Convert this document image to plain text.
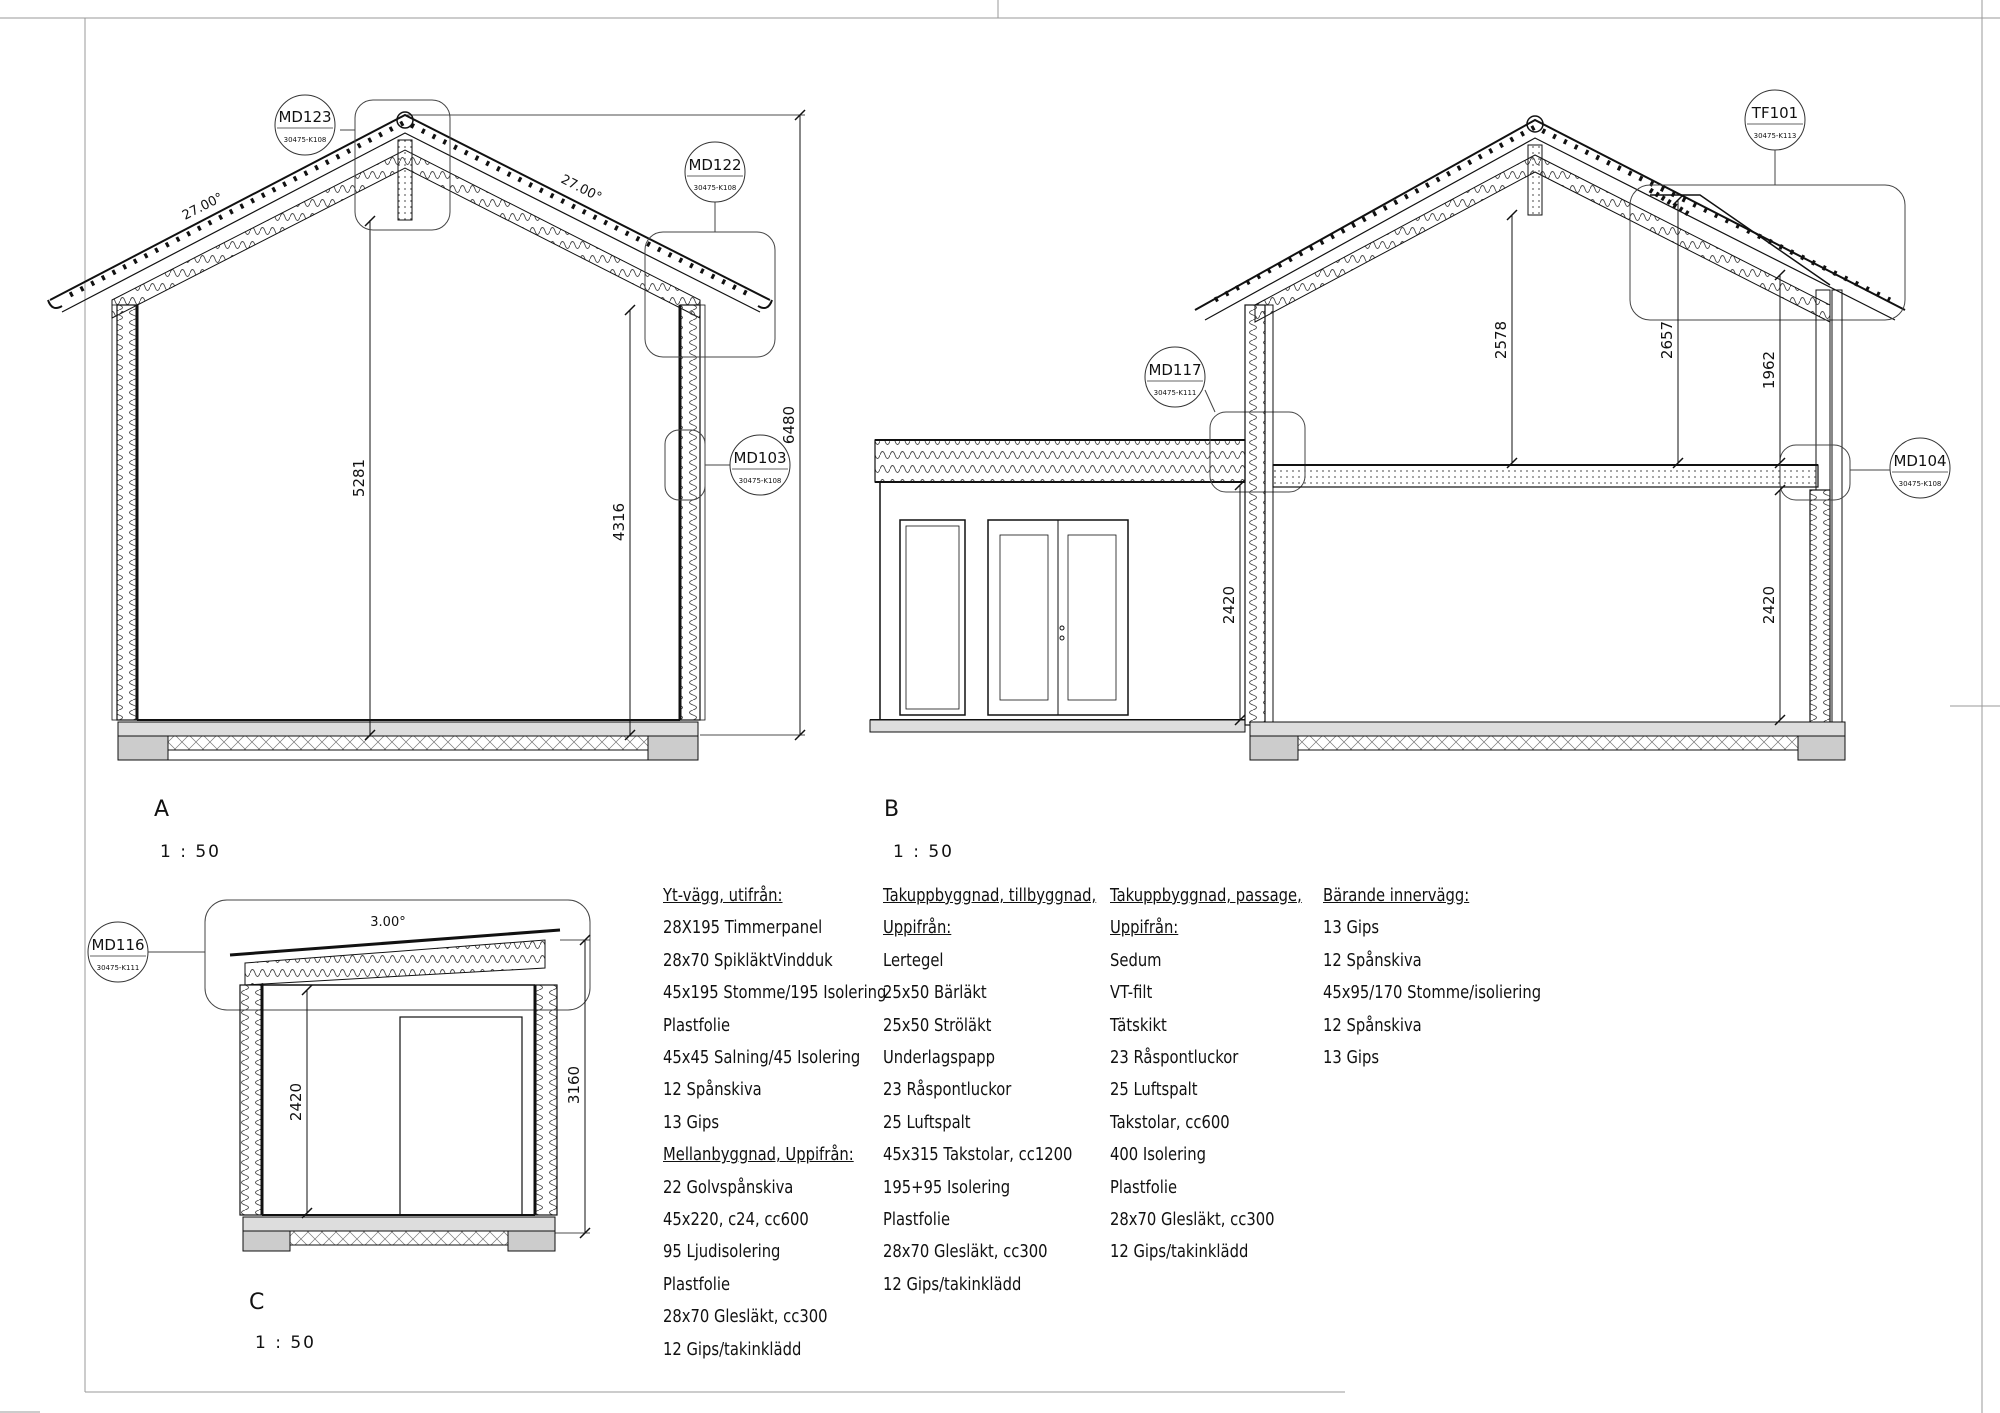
MD123
30475-K108
MD122
30475-K108
MD103
30475-K108
MD117
30475-K111
TF101
30475-K113
MD104
30475-K108
MD116
30475-K111
27.00°
27.00°
3.00°
5281
4316
6480
2420
2578	2657
1962
2420
2420	3160
A
1 : 50
B
1 : 50
C
1 : 50
Yt-vägg, utifrån:
28X195 Timmerpanel
28x70 SpikläktVindduk
45x195 Stomme/195 Isolering
Plastfolie
45x45 Salning/45 Isolering
12 Spånskiva
13 Gips
Mellanbyggnad, Uppifrån:
22 Golvspånskiva
45x220, c24, cc600
95 Ljudisolering
Plastfolie
28x70 Glesläkt, cc300
12 Gips/takinklädd
Takuppbyggnad, tillbyggnad,
Uppifrån:
Lertegel
25x50 Bärläkt
25x50 Ströläkt
Underlagspapp
23 Råspontluckor
25 Luftspalt
45x315 Takstolar, cc1200
195+95 Isolering
Plastfolie
28x70 Glesläkt, cc300
12 Gips/takinklädd
Takuppbyggnad, passage,
Uppifrån:
Sedum
VT-filt
Tätskikt
23 Råspontluckor
25 Luftspalt
Takstolar, cc600
400 Isolering
Plastfolie
28x70 Glesläkt, cc300
12 Gips/takinklädd
Bärande innervägg:
13 Gips
12 Spånskiva
45x95/170 Stomme/isoliering
12 Spånskiva
13 Gips
